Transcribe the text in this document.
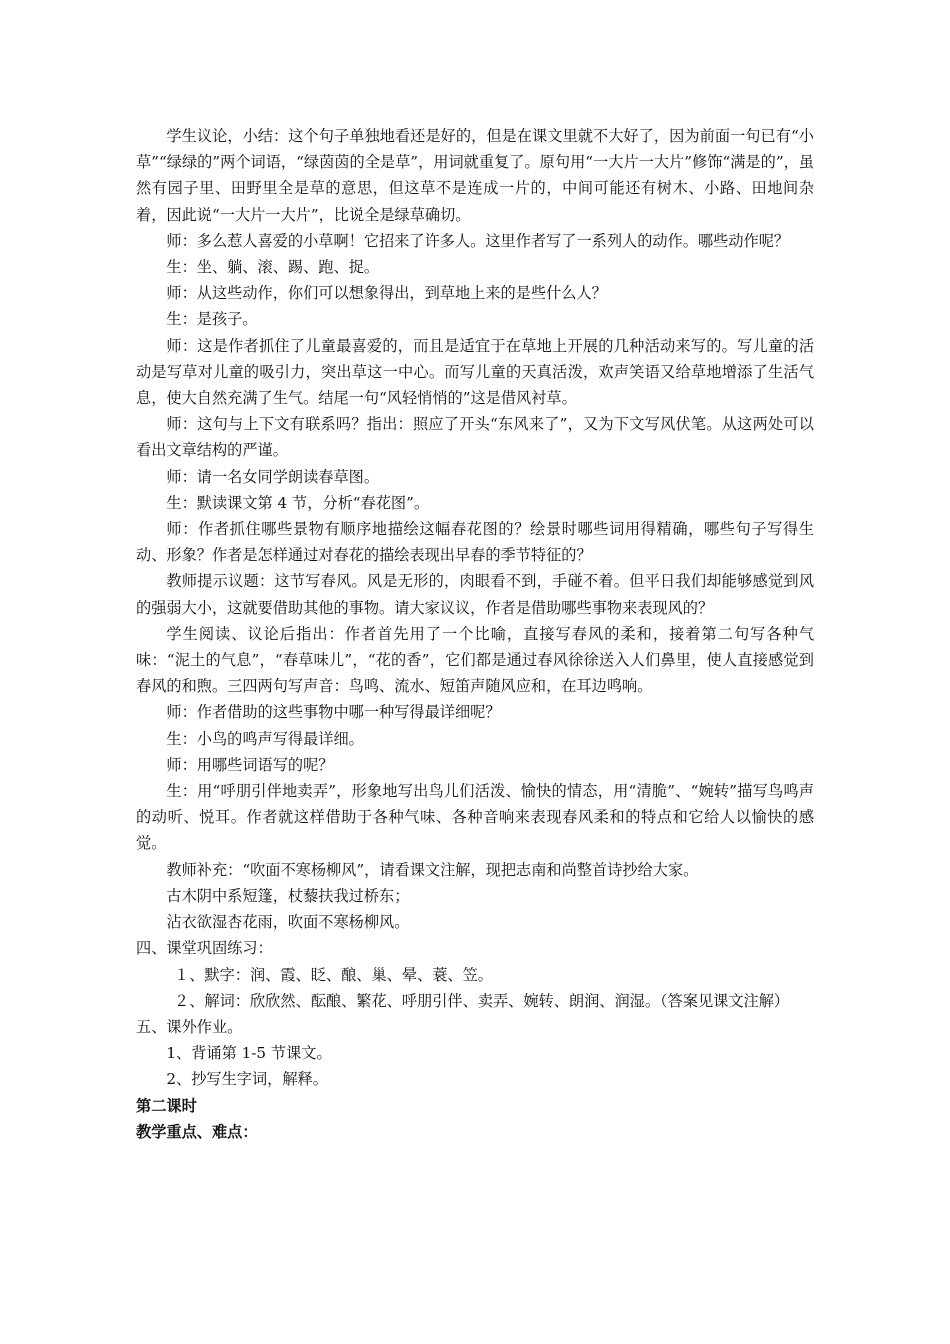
学生议论，小结：这个句子单独地看还是好的，但是在课文里就不大好了，因为前面一句已有“小草”“绿绿的”两个词语，“绿茵茵的全是草”，用词就重复了。原句用“一大片一大片”修饰“满是的”，虽然有园子里、田野里全是草的意思，但这草不是连成一片的，中间可能还有树木、小路、田地间杂着，因此说“一大片一大片”，比说全是绿草确切。

师：多么惹人喜爱的小草啊！它招来了许多人。这里作者写了一系列人的动作。哪些动作呢？

生：坐、躺、滚、踢、跑、捉。

师：从这些动作，你们可以想象得出，到草地上来的是些什么人？

生：是孩子。

师：这是作者抓住了儿童最喜爱的，而且是适宜于在草地上开展的几种活动来写的。写儿童的活动是写草对儿童的吸引力，突出草这一中心。而写儿童的天真活泼，欢声笑语又给草地增添了生活气息，使大自然充满了生气。结尾一句“风轻悄悄的”这是借风衬草。

师：这句与上下文有联系吗？指出：照应了开头“东风来了”，又为下文写风伏笔。从这两处可以看出文章结构的严谨。

师：请一名女同学朗读春草图。

生：默读课文第 4 节，分析“春花图”。

师：作者抓住哪些景物有顺序地描绘这幅春花图的？绘景时哪些词用得精确，哪些句子写得生动、形象？作者是怎样通过对春花的描绘表现出早春的季节特征的？

教师提示议题：这节写春风。风是无形的，肉眼看不到，手碰不着。但平日我们却能够感觉到风的强弱大小，这就要借助其他的事物。请大家议议，作者是借助哪些事物来表现风的？

学生阅读、议论后指出：作者首先用了一个比喻，直接写春风的柔和，接着第二句写各种气味：“泥土的气息”，“春草味儿”，“花的香”，它们都是通过春风徐徐送入人们鼻里，使人直接感觉到春风的和煦。三四两句写声音：鸟鸣、流水、短笛声随风应和，在耳边鸣响。

师：作者借助的这些事物中哪一种写得最详细呢？

生：小鸟的鸣声写得最详细。

师：用哪些词语写的呢？

生：用“呼朋引伴地卖弄”，形象地写出鸟儿们活泼、愉快的情态，用“清脆”、“婉转”描写鸟鸣声的动听、悦耳。作者就这样借助于各种气味、各种音响来表现春风柔和的特点和它给人以愉快的感觉。

教师补充：“吹面不寒杨柳风”，请看课文注解，现把志南和尚整首诗抄给大家。

古木阴中系短篷，杖藜扶我过桥东；

沾衣欲湿杏花雨，吹面不寒杨柳风。

四、课堂巩固练习：

１、默字：润、霞、眨、酿、巢、晕、蓑、笠。

２、解词：欣欣然、酝酿、繁花、呼朋引伴、卖弄、婉转、朗润、润湿。（答案见课文注解）

五、课外作业。

1、背诵第 1-5 节课文。

2、抄写生字词，解释。

第二课时

教学重点、难点：
